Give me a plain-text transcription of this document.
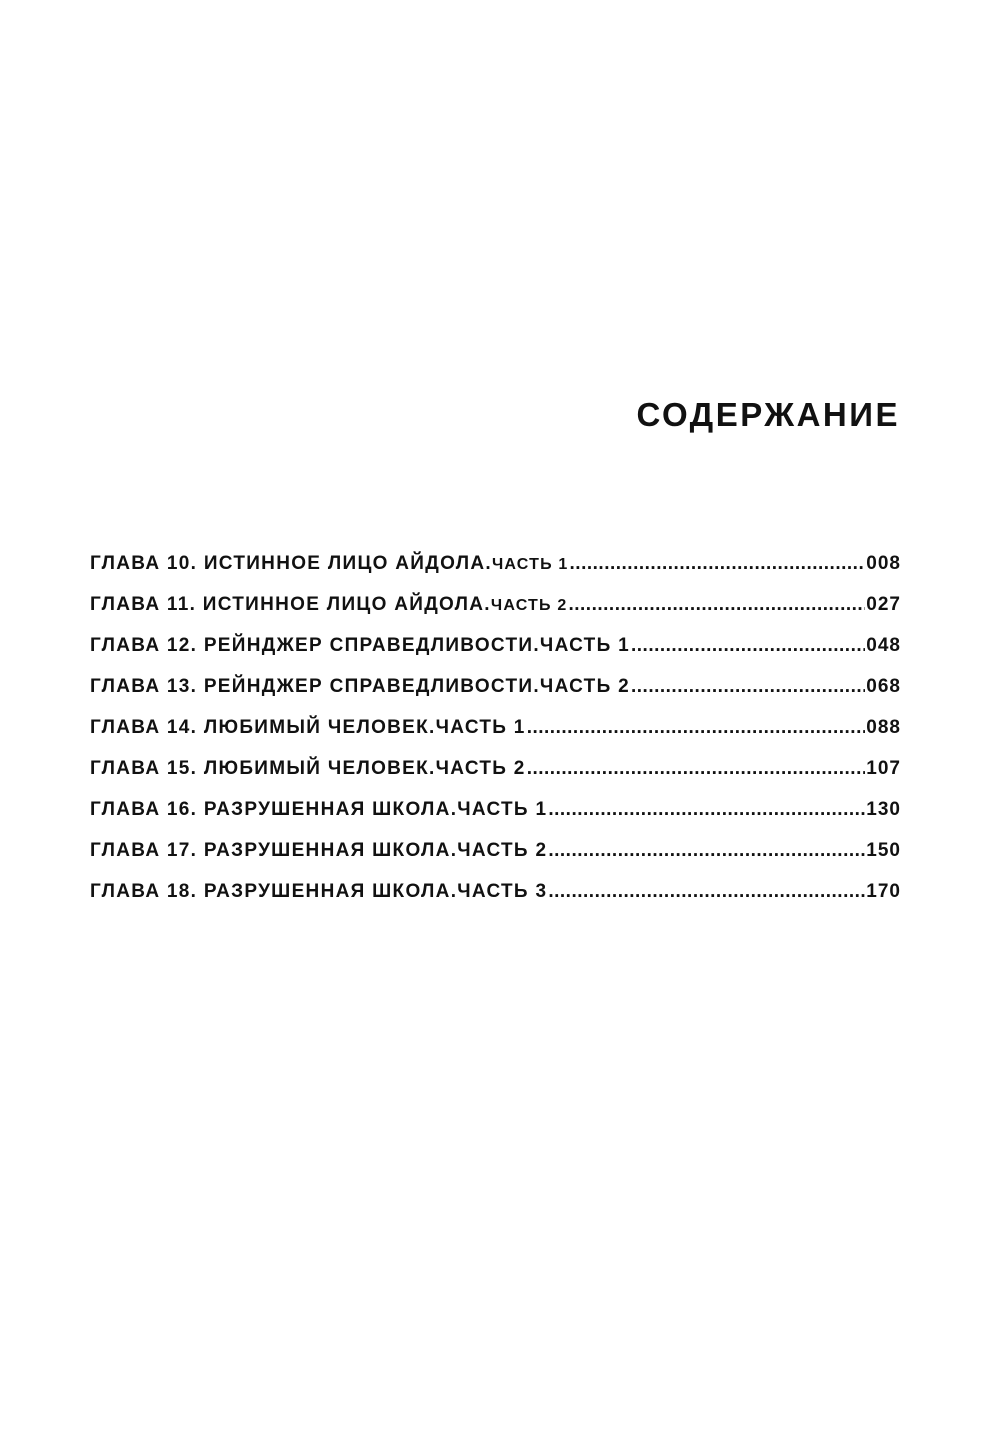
СОДЕРЖАНИЕ
ГЛАВА 10. ИСТИННОЕ ЛИЦО АЙДОЛА. ЧАСТЬ 1 .....	008
ГЛАВА 11. ИСТИННОЕ ЛИЦО АЙДОЛА. ЧАСТЬ 2 .....	027
ГЛАВА 12. РЕЙНДЖЕР СПРАВЕДЛИВОСТИ. ЧАСТЬ 1 .....	048
ГЛАВА 13. РЕЙНДЖЕР СПРАВЕДЛИВОСТИ. ЧАСТЬ 2 .....	068
ГЛАВА 14. ЛЮБИМЫЙ ЧЕЛОВЕК. ЧАСТЬ 1 .....	088
ГЛАВА 15. ЛЮБИМЫЙ ЧЕЛОВЕК. ЧАСТЬ 2 .....	107
ГЛАВА 16. РАЗРУШЕННАЯ ШКОЛА. ЧАСТЬ 1 .....	130
ГЛАВА 17. РАЗРУШЕННАЯ ШКОЛА. ЧАСТЬ 2 .....	150
ГЛАВА 18. РАЗРУШЕННАЯ ШКОЛА. ЧАСТЬ 3 .....	170
